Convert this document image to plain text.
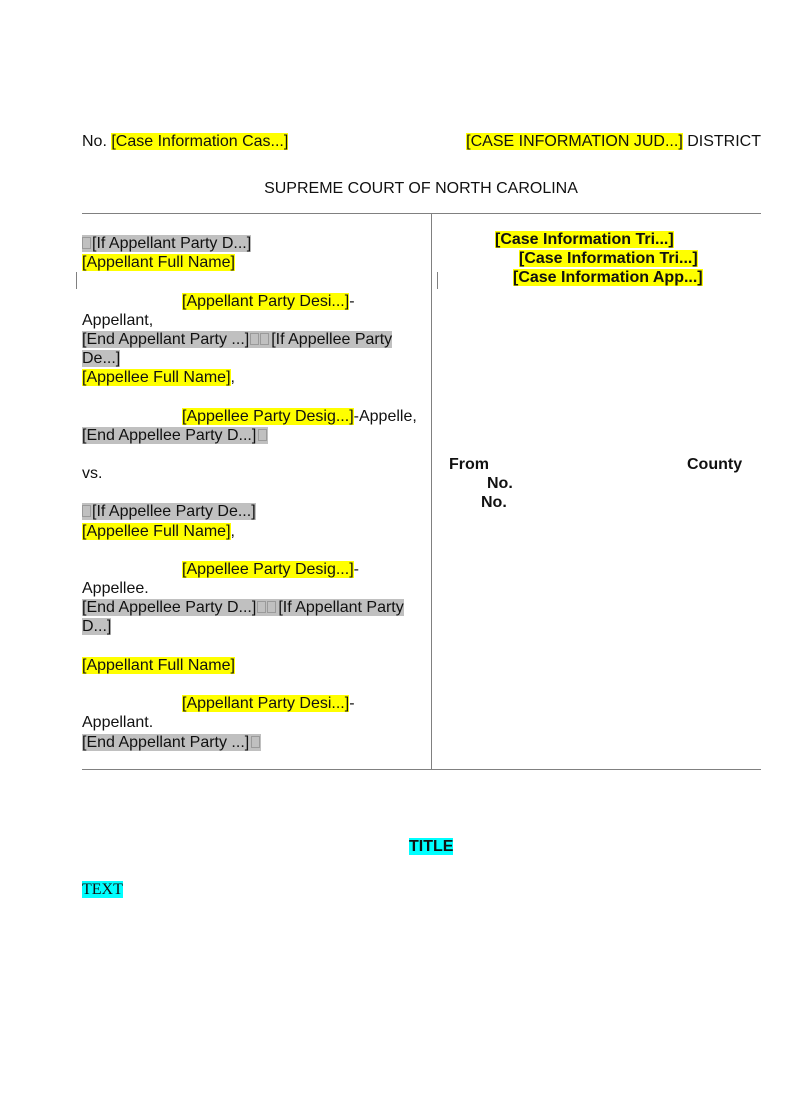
No. [Case Information Cas...]	[CASE INFORMATION JUD...] DISTRICT
SUPREME COURT OF NORTH CAROLINA
[If Appellant Party D...]
[Appellant Full Name]
[Appellant Party Desi...]-
Appellant,
[End Appellant Party ...] [If Appellee Party
De...]
[Appellee Full Name],
[Appellee Party Desig...]-Appelle,
[End Appellee Party D...]
vs.
[If Appellee Party De...]
[Appellee Full Name],
[Appellee Party Desig...]-
Appellee.
[End Appellee Party D...] [If Appellant Party
D...]
[Appellant Full Name]
[Appellant Party Desi...]-
Appellant.
[End Appellant Party ...]
[Case Information Tri...]
[Case Information Tri...]
[Case Information App...]
From	County
No.
No.
TITLE
TEXT
